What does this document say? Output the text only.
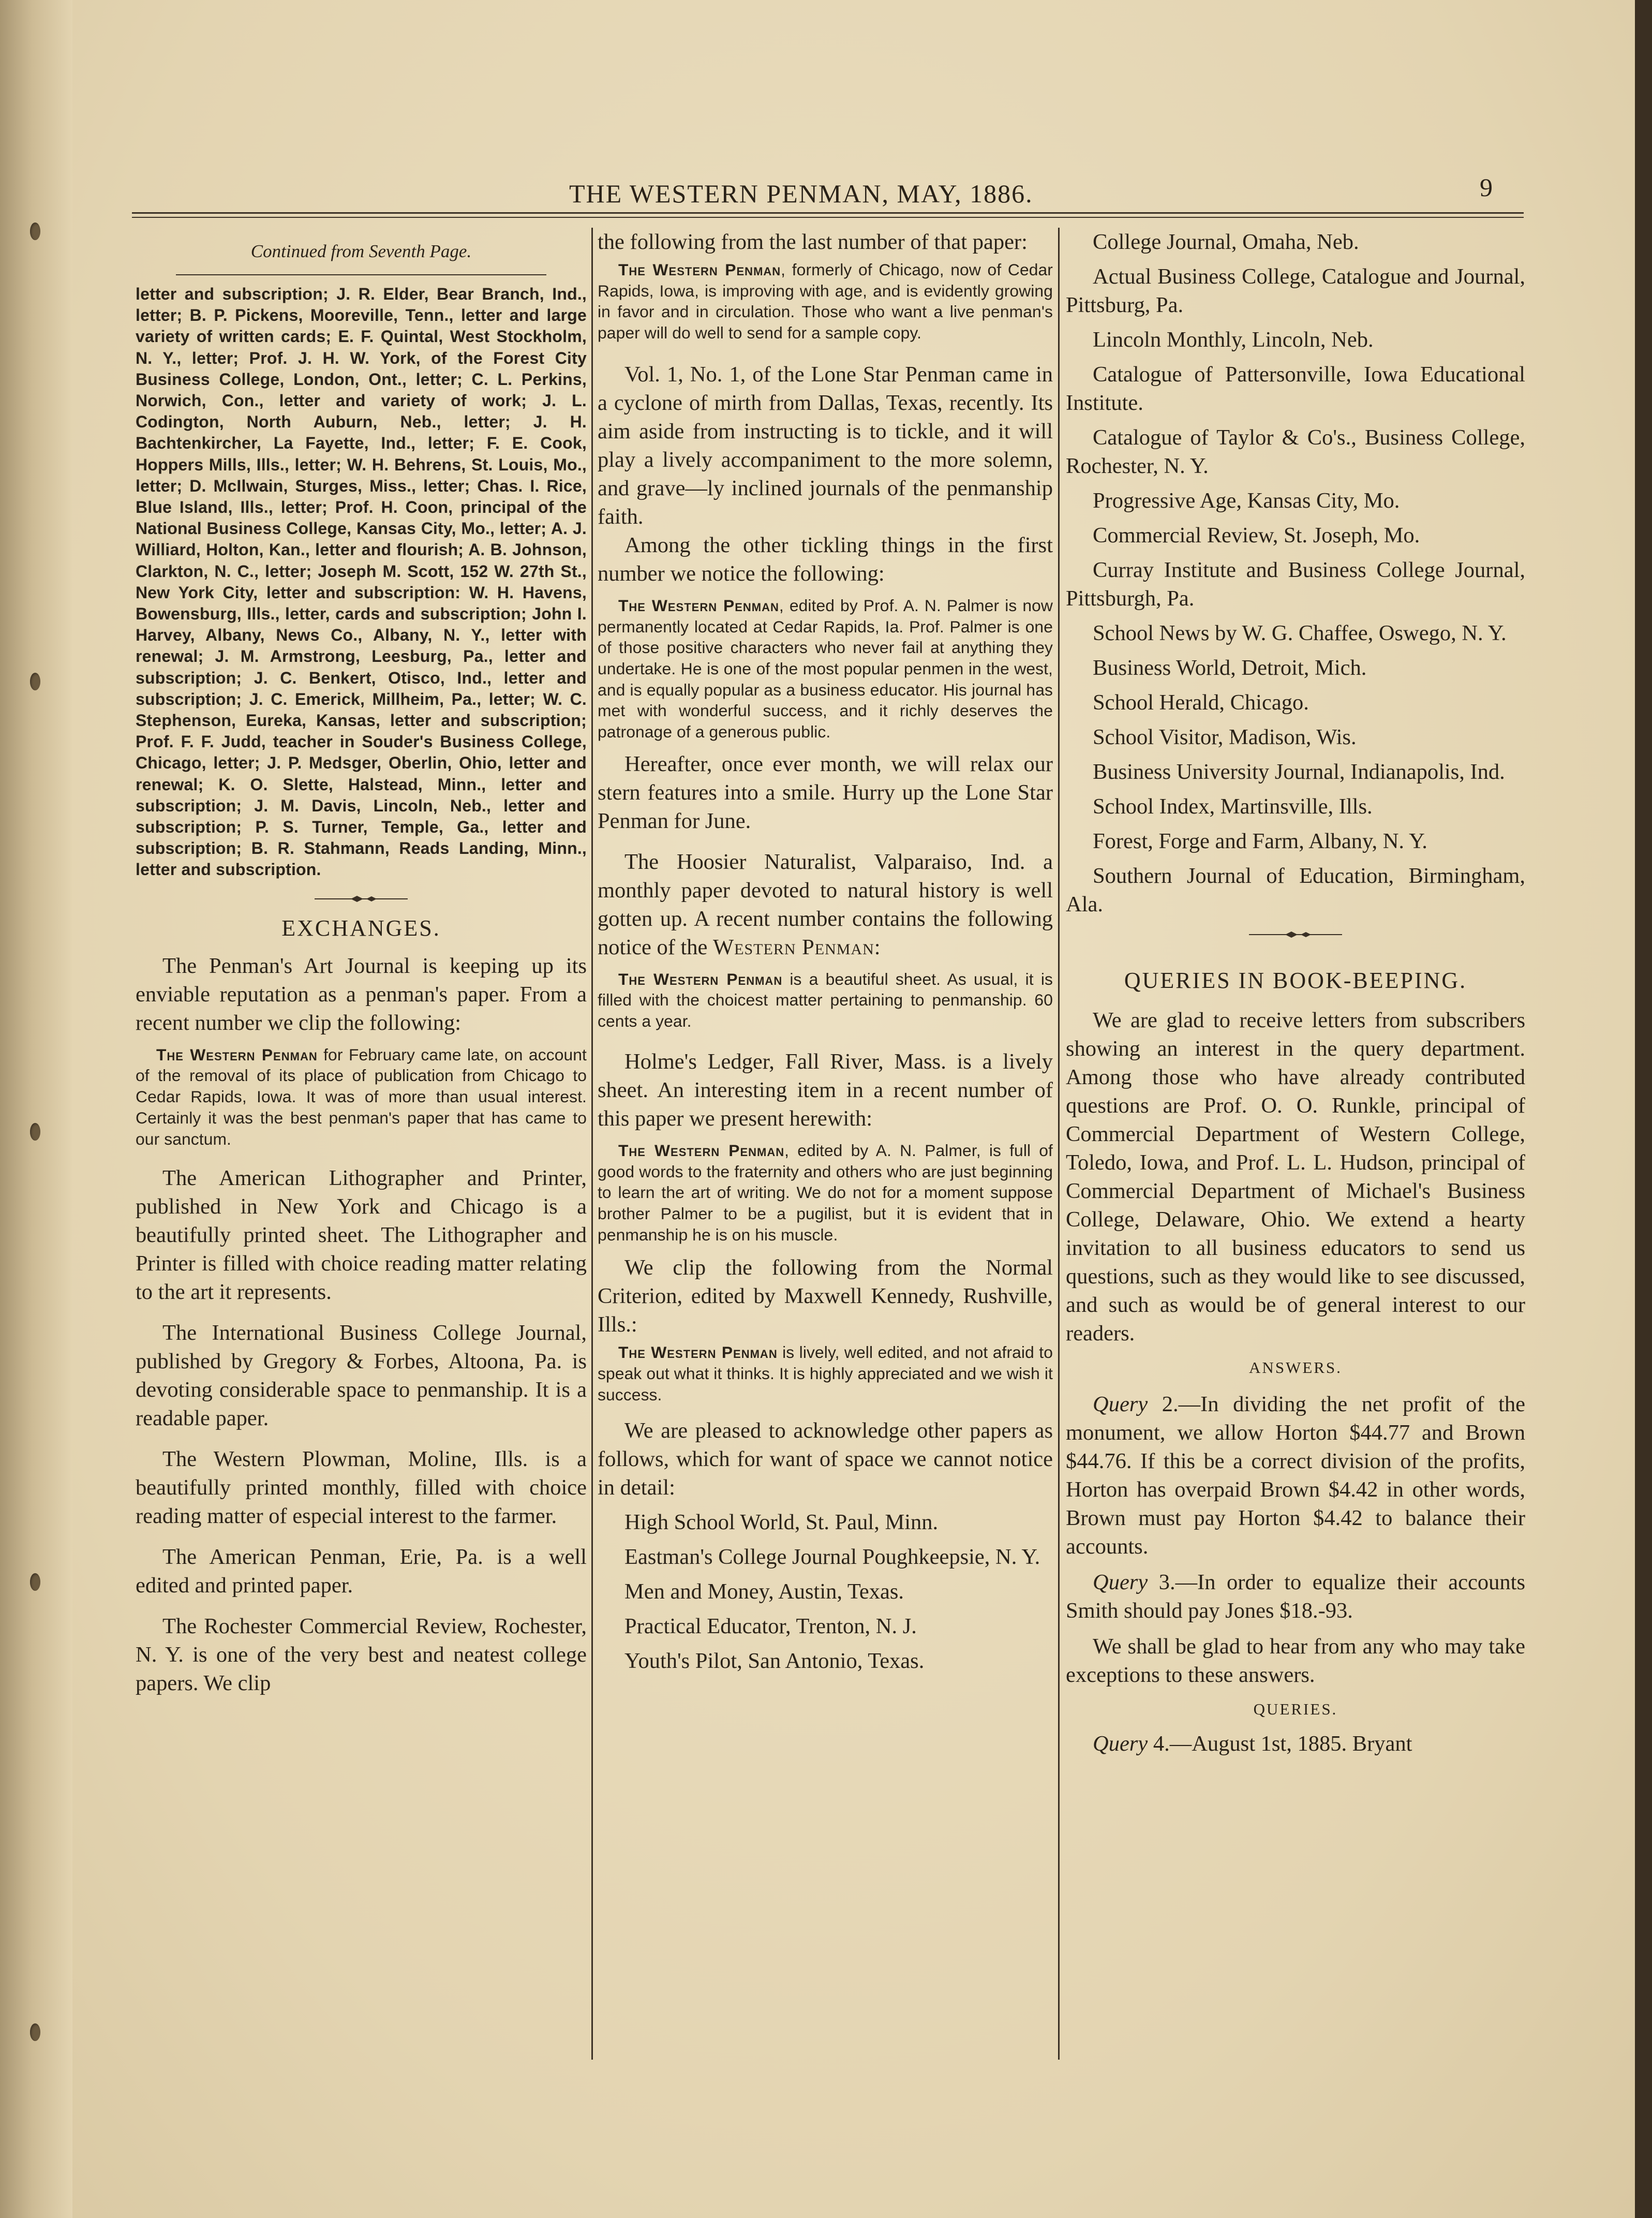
THE WESTERN PENMAN, MAY, 1886.	9
Continued from Seventh Page.

letter and subscription; J. R. Elder, Bear Branch, Ind., letter; B. P. Pickens, Mooreville, Tenn., letter and large variety of written cards; E. F. Quintal, West Stockholm, N. Y., letter; Prof. J. H. W. York, of the Forest City Business College, London, Ont., letter; C. L. Perkins, Norwich, Con., letter and variety of work; J. L. Codington, North Auburn, Neb., letter; J. H. Bachtenkircher, La Fayette, Ind., letter; F. E. Cook, Hoppers Mills, Ills., letter; W. H. Behrens, St. Louis, Mo., letter; D. McIlwain, Sturges, Miss., letter; Chas. I. Rice, Blue Island, Ills., letter; Prof. H. Coon, principal of the National Business College, Kansas City, Mo., letter; A. J. Williard, Holton, Kan., letter and flourish; A. B. Johnson, Clarkton, N. C., letter; Joseph M. Scott, 152 W. 27th St., New York City, letter and subscription: W. H. Havens, Bowensburg, Ills., letter, cards and subscription; John I. Harvey, Albany, News Co., Albany, N. Y., letter with renewal; J. M. Armstrong, Leesburg, Pa., letter and subscription; J. C. Benkert, Otisco, Ind., letter and subscription; J. C. Emerick, Millheim, Pa., letter; W. C. Stephenson, Eureka, Kansas, letter and subscription; Prof. F. F. Judd, teacher in Souder's Business College, Chicago, letter; J. P. Medsger, Oberlin, Ohio, letter and renewal; K. O. Slette, Halstead, Minn., letter and subscription; J. M. Davis, Lincoln, Neb., letter and subscription; P. S. Turner, Temple, Ga., letter and subscription; B. R. Stahmann, Reads Landing, Minn., letter and subscription.

EXCHANGES.

The Penman's Art Journal is keeping up its enviable reputation as a penman's paper. From a recent number we clip the following:

The Western Penman for February came late, on account of the removal of its place of publication from Chicago to Cedar Rapids, Iowa. It was of more than usual interest. Certainly it was the best penman's paper that has came to our sanctum.

The American Lithographer and Printer, published in New York and Chicago is a beautifully printed sheet. The Lithographer and Printer is filled with choice reading matter relating to the art it represents.

The International Business College Journal, published by Gregory & Forbes, Altoona, Pa. is devoting considerable space to penmanship. It is a readable paper.

The Western Plowman, Moline, Ills. is a beautifully printed monthly, filled with choice reading matter of especial interest to the farmer.

The American Penman, Erie, Pa. is a well edited and printed paper.

The Rochester Commercial Review, Rochester, N. Y. is one of the very best and neatest college papers. We clip

the following from the last number of that paper:

The Western Penman, formerly of Chicago, now of Cedar Rapids, Iowa, is improving with age, and is evidently growing in favor and in circulation. Those who want a live penman's paper will do well to send for a sample copy.

Vol. 1, No. 1, of the Lone Star Penman came in a cyclone of mirth from Dallas, Texas, recently. Its aim aside from instructing is to tickle, and it will play a lively accompaniment to the more solemn, and grave—ly inclined journals of the penmanship faith.

Among the other tickling things in the first number we notice the following:

The Western Penman, edited by Prof. A. N. Palmer is now permanently located at Cedar Rapids, Ia. Prof. Palmer is one of those positive characters who never fail at anything they undertake. He is one of the most popular penmen in the west, and is equally popular as a business educator. His journal has met with wonderful success, and it richly deserves the patronage of a generous public.

Hereafter, once ever month, we will relax our stern features into a smile. Hurry up the Lone Star Penman for June.

The Hoosier Naturalist, Valparaiso, Ind. a monthly paper devoted to natural history is well gotten up. A recent number contains the following notice of the Western Penman:

The Western Penman is a beautiful sheet. As usual, it is filled with the choicest matter pertaining to penmanship. 60 cents a year.

Holme's Ledger, Fall River, Mass. is a lively sheet. An interesting item in a recent number of this paper we present herewith:

The Western Penman, edited by A. N. Palmer, is full of good words to the fraternity and others who are just beginning to learn the art of writing. We do not for a moment suppose brother Palmer to be a pugilist, but it is evident that in penmanship he is on his muscle.

We clip the following from the Normal Criterion, edited by Maxwell Kennedy, Rushville, Ills.:

The Western Penman is lively, well edited, and not afraid to speak out what it thinks. It is highly appreciated and we wish it success.

We are pleased to acknowledge other papers as follows, which for want of space we cannot notice in detail:

High School World, St. Paul, Minn.

Eastman's College Journal Poughkeepsie, N. Y.

Men and Money, Austin, Texas.

Practical Educator, Trenton, N. J.

Youth's Pilot, San Antonio, Texas.

College Journal, Omaha, Neb.

Actual Business College, Catalogue and Journal, Pittsburg, Pa.

Lincoln Monthly, Lincoln, Neb.

Catalogue of Pattersonville, Iowa Educational Institute.

Catalogue of Taylor & Co's., Business College, Rochester, N. Y.

Progressive Age, Kansas City, Mo.

Commercial Review, St. Joseph, Mo.

Curray Institute and Business College Journal, Pittsburgh, Pa.

School News by W. G. Chaffee, Oswego, N. Y.

Business World, Detroit, Mich.

School Herald, Chicago.

School Visitor, Madison, Wis.

Business University Journal, Indianapolis, Ind.

School Index, Martinsville, Ills.

Forest, Forge and Farm, Albany, N. Y.

Southern Journal of Education, Birmingham, Ala.

QUERIES IN BOOK-BEEPING.

We are glad to receive letters from subscribers showing an interest in the query department. Among those who have already contributed questions are Prof. O. O. Runkle, principal of Commercial Department of Western College, Toledo, Iowa, and Prof. L. L. Hudson, principal of Commercial Department of Michael's Business College, Delaware, Ohio. We extend a hearty invitation to all business educators to send us questions, such as they would like to see discussed, and such as would be of general interest to our readers.

ANSWERS.

Query 2.—In dividing the net profit of the monument, we allow Horton $44.77 and Brown $44.76. If this be a correct division of the profits, Horton has overpaid Brown $4.42 in other words, Brown must pay Horton $4.42 to balance their accounts.

Query 3.—In order to equalize their accounts Smith should pay Jones $18.-93.

We shall be glad to hear from any who may take exceptions to these answers.

QUERIES.

Query 4.—August 1st, 1885. Bryant
